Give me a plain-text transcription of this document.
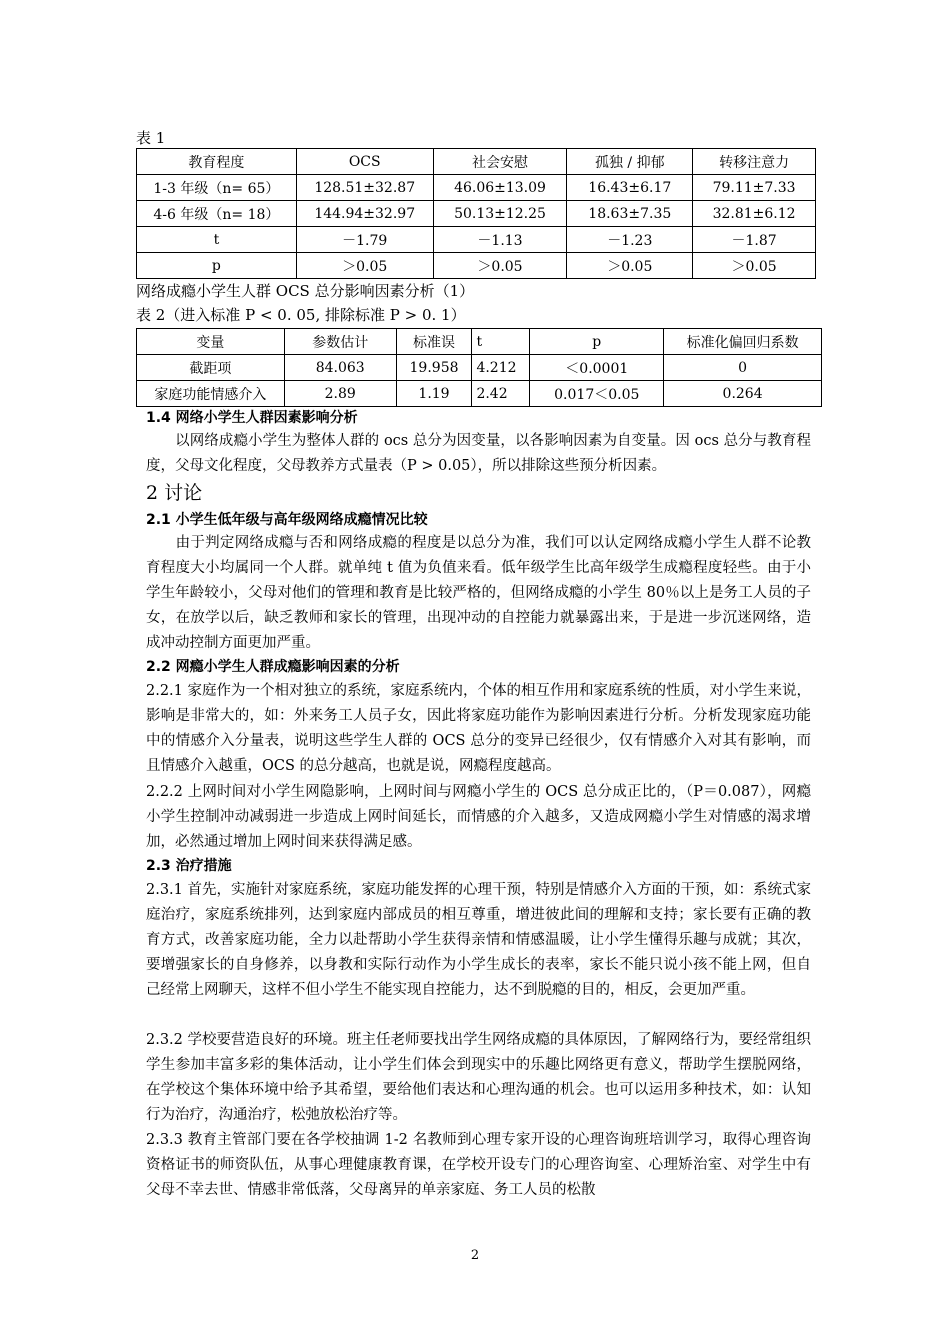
表 1
教育程度	OCS	社会安慰	孤独 / 抑郁	转移注意力
1-3 年级（n= 65）	128.51±32.87	46.06±13.09	16.43±6.17	79.11±7.33
4-6 年级（n= 18）	144.94±32.97	50.13±12.25	18.63±7.35	32.81±6.12
t	－1.79	－1.13	－1.23	－1.87
p	＞0.05	＞0.05	＞0.05	＞0.05
网络成瘾小学生人群 OCS 总分影响因素分析（1）
表 2（进入标准 P < 0. 05, 排除标准 P > 0. 1）
变量	参数估计	标准误	t	p	标准化偏回归系数
截距项	84.063	19.958	4.212	＜0.0001	0
家庭功能情感介入	2.89	1.19	2.42	0.017＜0.05	0.264
1.4 网络小学生人群因素影响分析

　　以网络成瘾小学生为整体人群的 ocs 总分为因变量，以各影响因素为自变量。因 ocs 总分与教育程度，父母文化程度，父母教养方式量表（P > 0.05），所以排除这些预分析因素。

2 讨论
2.1 小学生低年级与高年级网络成瘾情况比较

　　由于判定网络成瘾与否和网络成瘾的程度是以总分为准，我们可以认定网络成瘾小学生人群不论教育程度大小均属同一个人群。就单纯 t 值为负值来看。低年级学生比高年级学生成瘾程度轻些。由于小学生年龄较小，父母对他们的管理和教育是比较严格的，但网络成瘾的小学生 80％以上是务工人员的子女，在放学以后，缺乏教师和家长的管理，出现冲动的自控能力就暴露出来，于是进一步沉迷网络，造成冲动控制方面更加严重。

2.2 网瘾小学生人群成瘾影响因素的分析

2.2.1 家庭作为一个相对独立的系统，家庭系统内，个体的相互作用和家庭系统的性质，对小学生来说，影响是非常大的，如：外来务工人员子女，因此将家庭功能作为影响因素进行分析。分析发现家庭功能中的情感介入分量表，说明这些学生人群的 OCS 总分的变异已经很少，仅有情感介入对其有影响，而且情感介入越重，OCS 的总分越高，也就是说，网瘾程度越高。

2.2.2 上网时间对小学生网隐影响，上网时间与网瘾小学生的 OCS 总分成正比的，（P＝0.087），网瘾小学生控制冲动减弱进一步造成上网时间延长，而情感的介入越多，又造成网瘾小学生对情感的渴求增加，必然通过增加上网时间来获得满足感。

2.3 治疗措施

2.3.1 首先，实施针对家庭系统，家庭功能发挥的心理干预，特别是情感介入方面的干预，如：系统式家庭治疗，家庭系统排列，达到家庭内部成员的相互尊重，增进彼此间的理解和支持；家长要有正确的教育方式，改善家庭功能，全力以赴帮助小学生获得亲情和情感温暖，让小学生懂得乐趣与成就；其次，要增强家长的自身修养，以身教和实际行动作为小学生成长的表率，家长不能只说小孩不能上网，但自己经常上网聊天，这样不但小学生不能实现自控能力，达不到脱瘾的目的，相反，会更加严重。

2.3.2 学校要营造良好的环境。班主任老师要找出学生网络成瘾的具体原因，了解网络行为，要经常组织学生参加丰富多彩的集体活动，让小学生们体会到现实中的乐趣比网络更有意义，帮助学生摆脱网络，在学校这个集体环境中给予其希望，要给他们表达和心理沟通的机会。也可以运用多种技术，如：认知行为治疗，沟通治疗，松弛放松治疗等。

2.3.3 教育主管部门要在各学校抽调 1-2 名教师到心理专家开设的心理咨询班培训学习，取得心理咨询资格证书的师资队伍，从事心理健康教育课，在学校开设专门的心理咨询室、心理矫治室、对学生中有父母不幸去世、情感非常低落，父母离异的单亲家庭、务工人员的松散

2
